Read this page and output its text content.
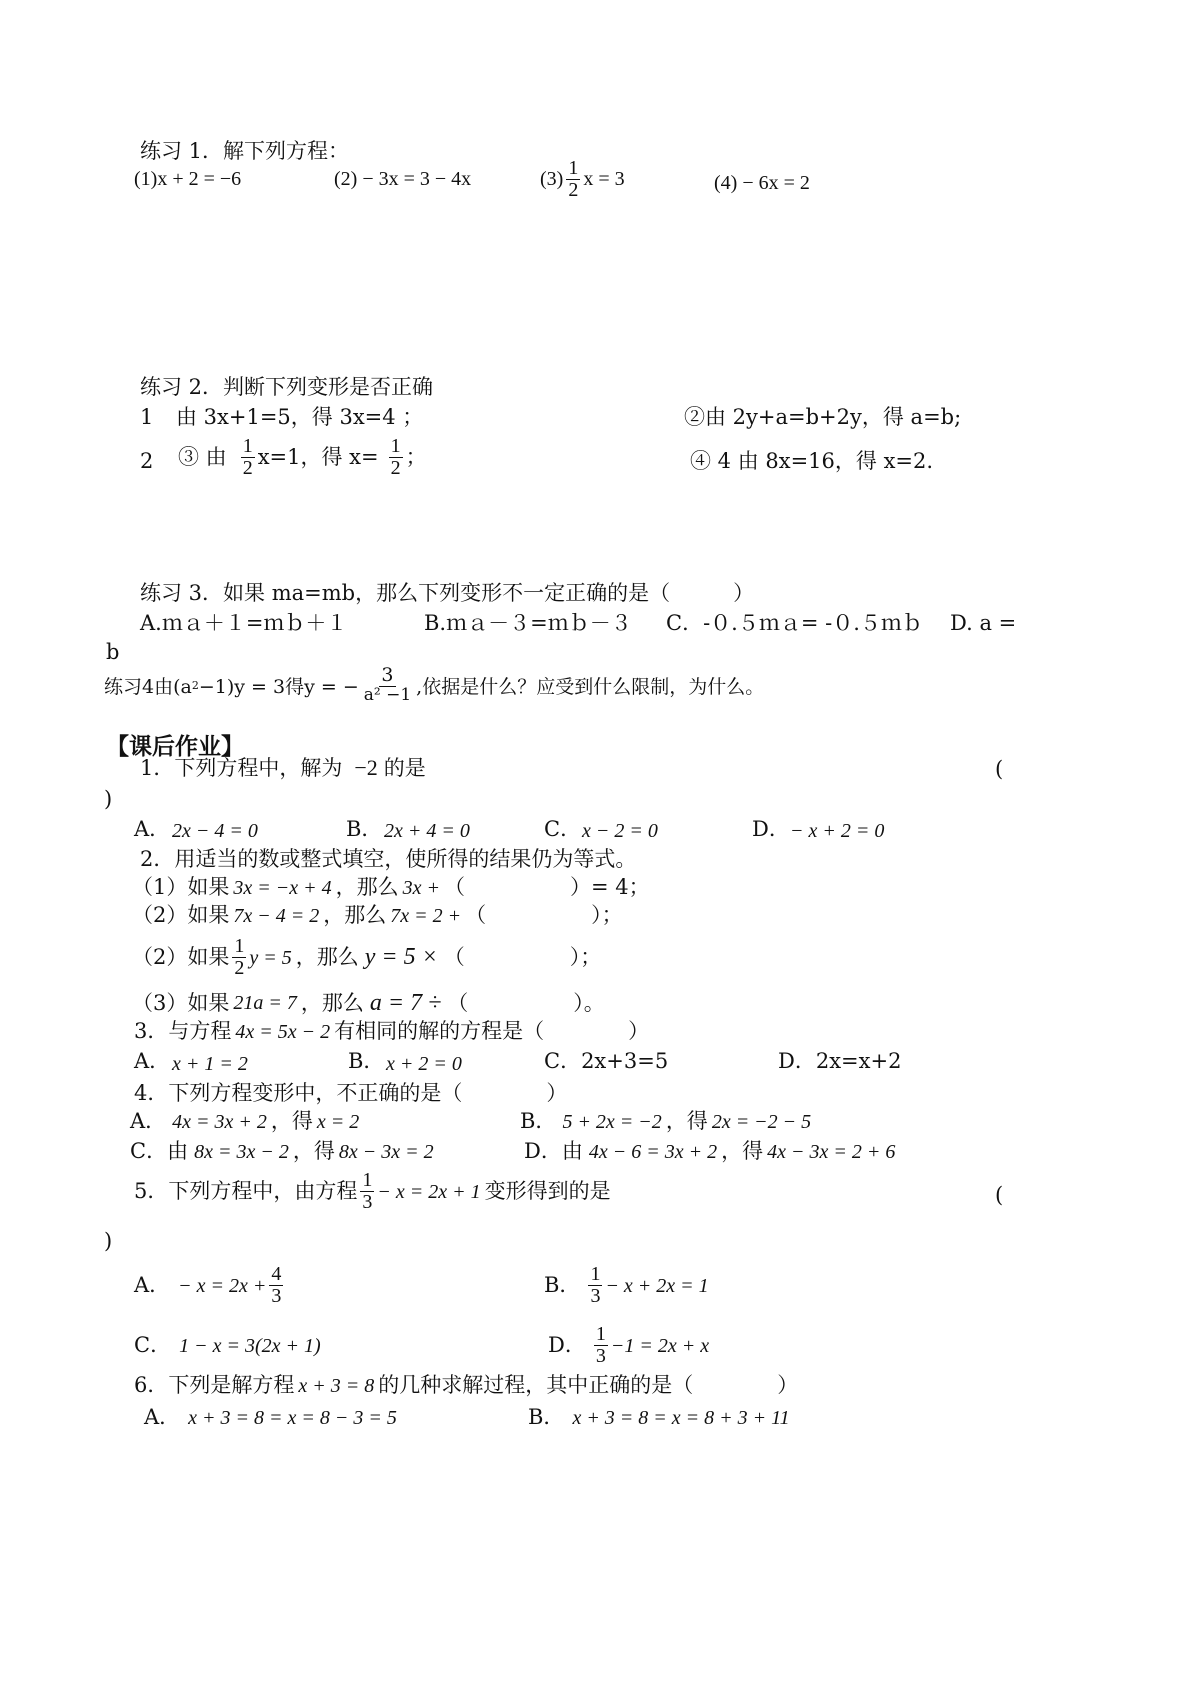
练习 1．解下列方程：
(1)x + 2 = −6	(2) − 3x = 3 − 4x	$(3) \frac{1}{2}$ x = 3	(4) − 6x = 2
练习 2．判断下列变形是否正确
1 由 3x+1=5，得 3x=4 ；	②由 2y+a=b+2y，得 a=b;
2 ③ 由 $\frac{1}{2} x=1$，得 $x= \frac{1}{2}$ ；	④ 4 由 8x=16，得 x=2.
练习 3．如果 ma=mb，那么下列变形不一定正确的是（　　　）
A.ｍａ＋１=ｍｂ＋１	B.ｍａ－３=ｍｂ－３ C．-０.５ｍａ= -０.５ｍｂ D. a =
b
练习4由(a 2 −1)y = 3得y = − $\frac{3}{\text{a² −1}}$ ,依据是什么？应受到什么限制，为什么。
【课后作业】
1．下列方程中，解为 −2 的是	(
)
A． 2x − 4 = 0	B． 2x + 4 = 0	C． x − 2 = 0	D． − x + 2 = 0
2．用适当的数或整式填空，使所得的结果仍为等式。
（1）如果 3x = −x + 4 ，那么 3x + （　　　　　）= 4；
（2）如果 7x − 4 = 2 ，那么 7x = 2 + （　　　　　）；
（2）如果 $\frac{1}{2}$ y = 5 ，那么 y = 5 × （　　　　　）；
（3）如果 21a = 7 ，那么 a = 7 ÷ （　　　　　）。
3．与方程 4x = 5x − 2 有相同的解的方程是（　　　　）
A． x + 1 = 2	B． x + 2 = 0	C．2x+3=5	D．2x=x+2
4．下列方程变形中，不正确的是（　　　　）
A． 4x = 3x + 2 ，得 x = 2	B． 5 + 2x = −2 ，得 2x = −2 − 5
C．由 8x = 3x − 2 ，得 8x − 3x = 2	D．由 4x − 6 = 3x + 2 ，得 4x − 3x = 2 + 6
5．下列方程中，由方程 $\frac{1}{3} - x = 2x + 1$ 变形得到的是	(
)
A． − $x = 2x + \frac{4}{3}$	B． $\frac{1}{3} - x + 2x = 1$
C． 1 − x = 3(2x + 1)	D． $\frac{1}{3} -1 = 2x + x$
6．下列是解方程 x + 3 = 8 的几种求解过程，其中正确的是（　　　　）
A． x + 3 = 8 = x = 8 − 3 = 5	B． x + 3 = 8 = x = 8 + 3 + 11
